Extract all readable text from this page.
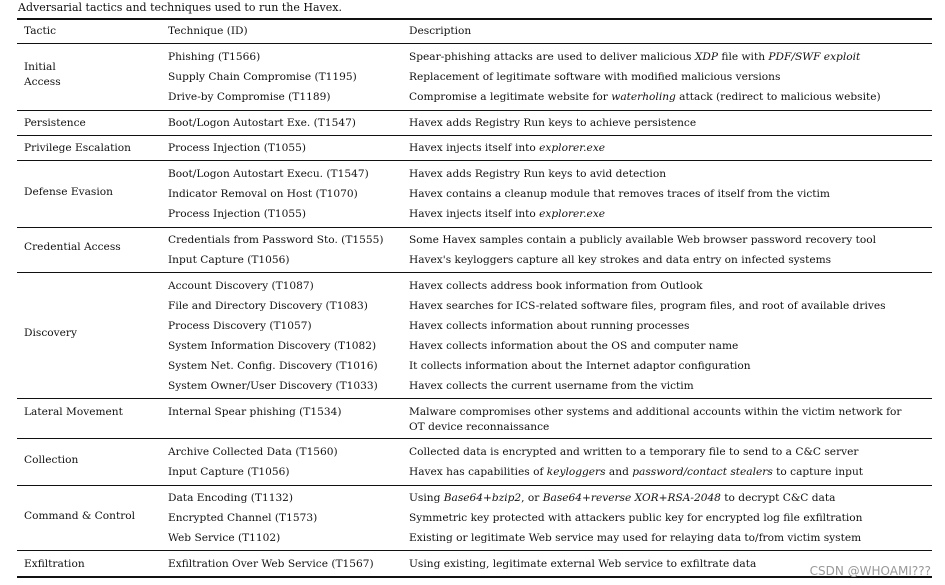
Adversarial tactics and techniques used to run the Havex.
Tactic	Technique (ID)	Description
Initial Access
Phishing (T1566)	Spear-phishing attacks are used to deliver malicious XDP file with PDF/SWF exploit
Supply Chain Compromise (T1195)	Replacement of legitimate software with modified malicious versions
Drive-by Compromise (T1189)	Compromise a legitimate website for waterholing attack (redirect to malicious website)
Persistence	Boot/Logon Autostart Exe. (T1547)	Havex adds Registry Run keys to achieve persistence
Privilege Escalation	Process Injection (T1055)	Havex injects itself into explorer.exe
Defense Evasion
Boot/Logon Autostart Execu. (T1547)	Havex adds Registry Run keys to avid detection
Indicator Removal on Host (T1070)	Havex contains a cleanup module that removes traces of itself from the victim
Process Injection (T1055)	Havex injects itself into explorer.exe
Credential Access
Credentials from Password Sto. (T1555) Some Havex samples contain a publicly available Web browser password recovery tool
Input Capture (T1056)	Havex's keyloggers capture all key strokes and data entry on infected systems
Discovery
Account Discovery (T1087)	Havex collects address book information from Outlook
File and Directory Discovery (T1083)	Havex searches for ICS-related software files, program files, and root of available drives
Process Discovery (T1057)	Havex collects information about running processes
System Information Discovery (T1082)	Havex collects information about the OS and computer name
System Net. Config. Discovery (T1016)	It collects information about the Internet adaptor configuration
System Owner/User Discovery (T1033)	Havex collects the current username from the victim
Lateral Movement	Internal Spear phishing (T1534)	Malware compromises other systems and additional accounts within the victim network for OT device reconnaissance
Collection
Archive Collected Data (T1560)	Collected data is encrypted and written to a temporary file to send to a C&C server
Input Capture (T1056)	Havex has capabilities of keyloggers and password/contact stealers to capture input
Command & Control
Data Encoding (T1132)	Using Base64+bzip2, or Base64+reverse XOR+RSA-2048 to decrypt C&C data
Encrypted Channel (T1573)	Symmetric key protected with attackers public key for encrypted log file exfiltration
Web Service (T1102)	Existing or legitimate Web service may used for relaying data to/from victim system
Exfiltration	Exfiltration Over Web Service (T1567)	Using existing, legitimate external Web service to exfiltrate data	CSDN @WHOAMI???
